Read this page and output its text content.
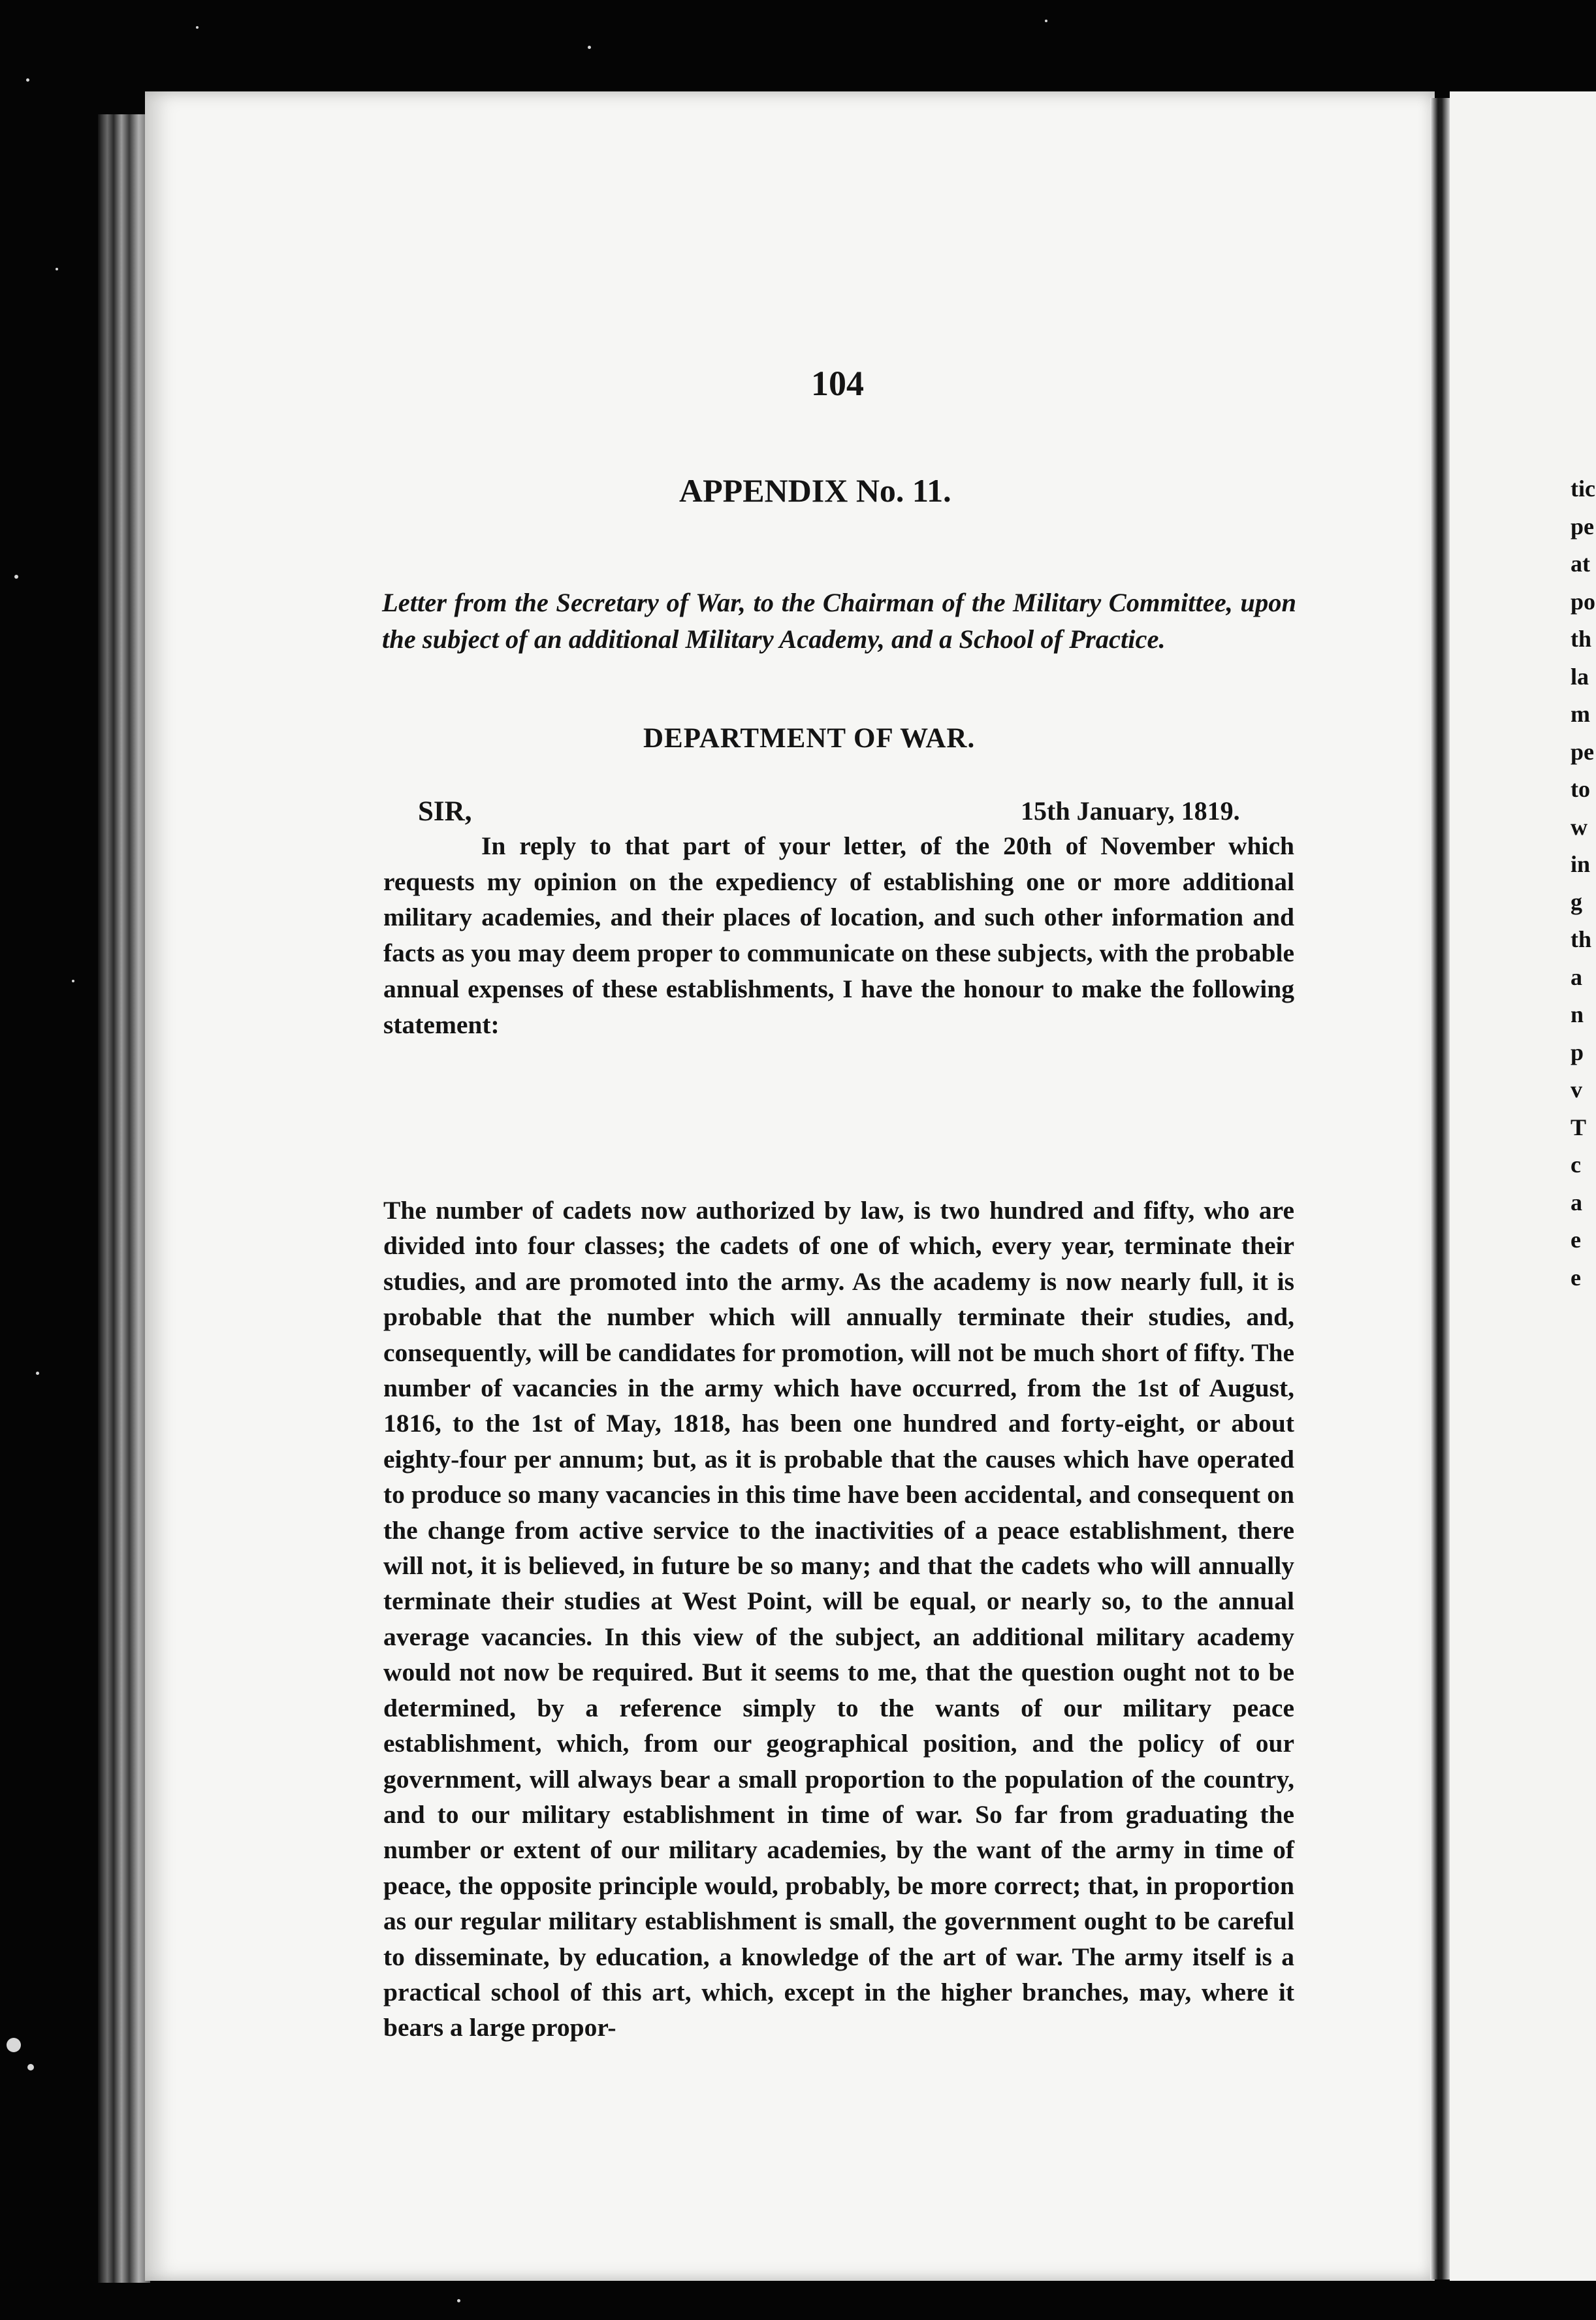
tic
pe
at
po
th
la
m
pe
to
w
in
g
th
a
n
p
v
T
c
a
e
e
104
APPENDIX No. 11.
Letter from the Secretary of War, to the Chairman of the Military Committee, upon the subject of an additional Military Academy, and a School of Practice.
DEPARTMENT OF WAR.
SIR,	15th January, 1819.
In reply to that part of your letter, of the 20th of November which requests my opinion on the expediency of establishing one or more additional military academies, and their places of location, and such other information and facts as you may deem proper to communicate on these subjects, with the probable annual expenses of these establishments, I have the honour to make the following statement:
The number of cadets now authorized by law, is two hundred and fifty, who are divided into four classes; the cadets of one of which, every year, terminate their studies, and are promoted into the army. As the academy is now nearly full, it is probable that the number which will annually terminate their studies, and, consequently, will be candidates for promotion, will not be much short of fifty. The number of vacancies in the army which have occurred, from the 1st of August, 1816, to the 1st of May, 1818, has been one hundred and forty-eight, or about eighty-four per annum; but, as it is probable that the causes which have operated to produce so many vacancies in this time have been accidental, and consequent on the change from active service to the inactivities of a peace establishment, there will not, it is believed, in future be so many; and that the cadets who will annually terminate their studies at West Point, will be equal, or nearly so, to the annual average vacancies. In this view of the subject, an additional military academy would not now be required. But it seems to me, that the question ought not to be determined, by a reference simply to the wants of our military peace establishment, which, from our geographical position, and the policy of our government, will always bear a small proportion to the population of the country, and to our military establishment in time of war. So far from graduating the number or extent of our military academies, by the want of the army in time of peace, the opposite principle would, probably, be more correct; that, in proportion as our regular military establishment is small, the government ought to be careful to disseminate, by education, a knowledge of the art of war. The army itself is a practical school of this art, which, except in the higher branches, may, where it bears a large propor-
